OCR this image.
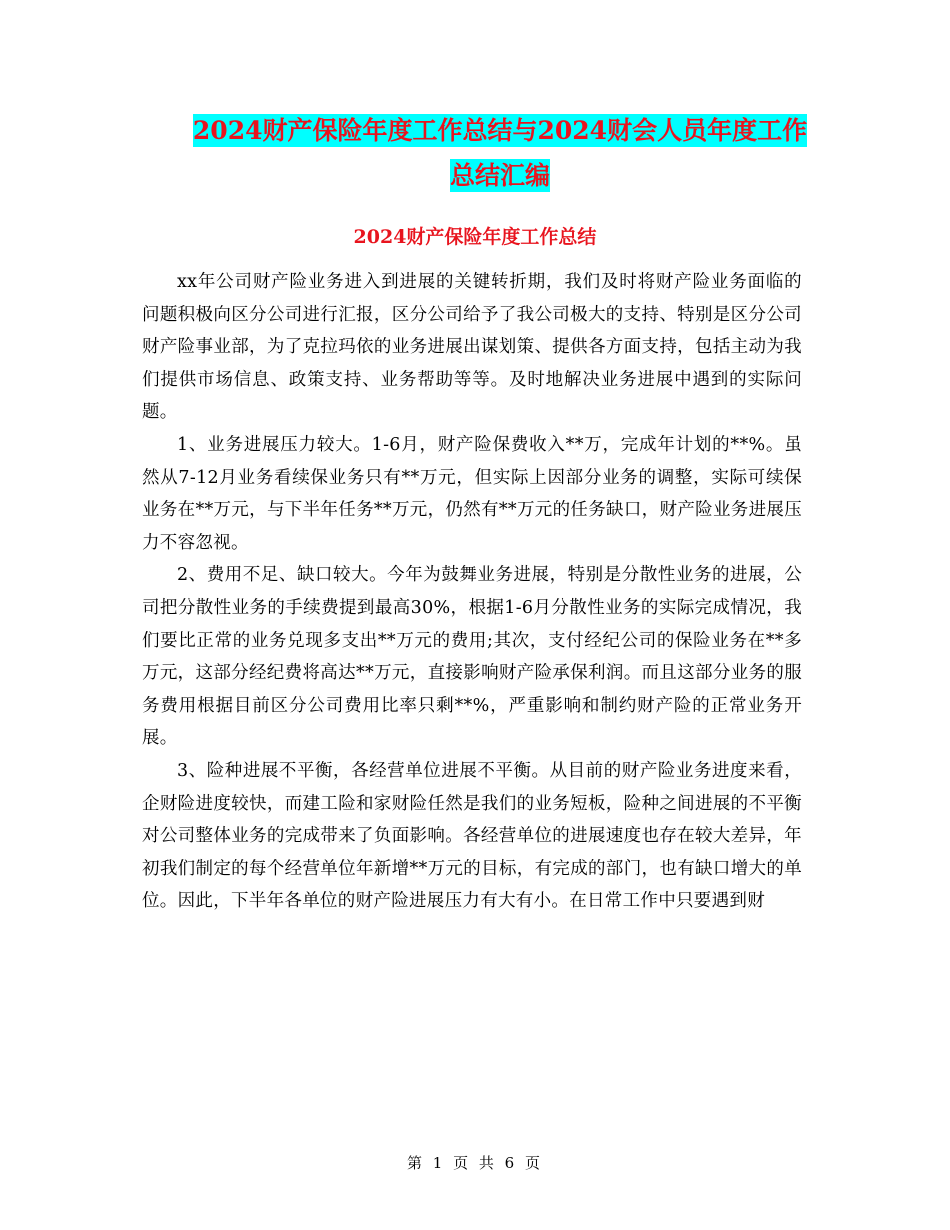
2024财产保险年度工作总结与2024财会人员年度工作
总结汇编
2024财产保险年度工作总结

xx年公司财产险业务进入到进展的关键转折期，我们及时将财产险业务面临的问题积极向区分公司进行汇报，区分公司给予了我公司极大的支持、特别是区分公司财产险事业部，为了克拉玛依的业务进展出谋划策、提供各方面支持，包括主动为我们提供市场信息、政策支持、业务帮助等等。及时地解决业务进展中遇到的实际问题。

1、业务进展压力较大。1-6月，财产险保费收入**万，完成年计划的**%。虽然从7-12月业务看续保业务只有**万元，但实际上因部分业务的调整，实际可续保业务在**万元，与下半年任务**万元，仍然有**万元的任务缺口，财产险业务进展压力不容忽视。

2、费用不足、缺口较大。今年为鼓舞业务进展，特别是分散性业务的进展，公司把分散性业务的手续费提到最高30%，根据1-6月分散性业务的实际完成情况，我们要比正常的业务兑现多支出**万元的费用;其次，支付经纪公司的保险业务在**多万元，这部分经纪费将高达**万元，直接影响财产险承保利润。而且这部分业务的服务费用根据目前区分公司费用比率只剩**%，严重影响和制约财产险的正常业务开展。

3、险种进展不平衡，各经营单位进展不平衡。从目前的财产险业务进度来看，企财险进度较快，而建工险和家财险任然是我们的业务短板，险种之间进展的不平衡对公司整体业务的完成带来了负面影响。各经营单位的进展速度也存在较大差异，年初我们制定的每个经营单位年新增**万元的目标，有完成的部门，也有缺口增大的单位。因此，下半年各单位的财产险进展压力有大有小。在日常工作中只要遇到财

第 1 页 共 6 页
